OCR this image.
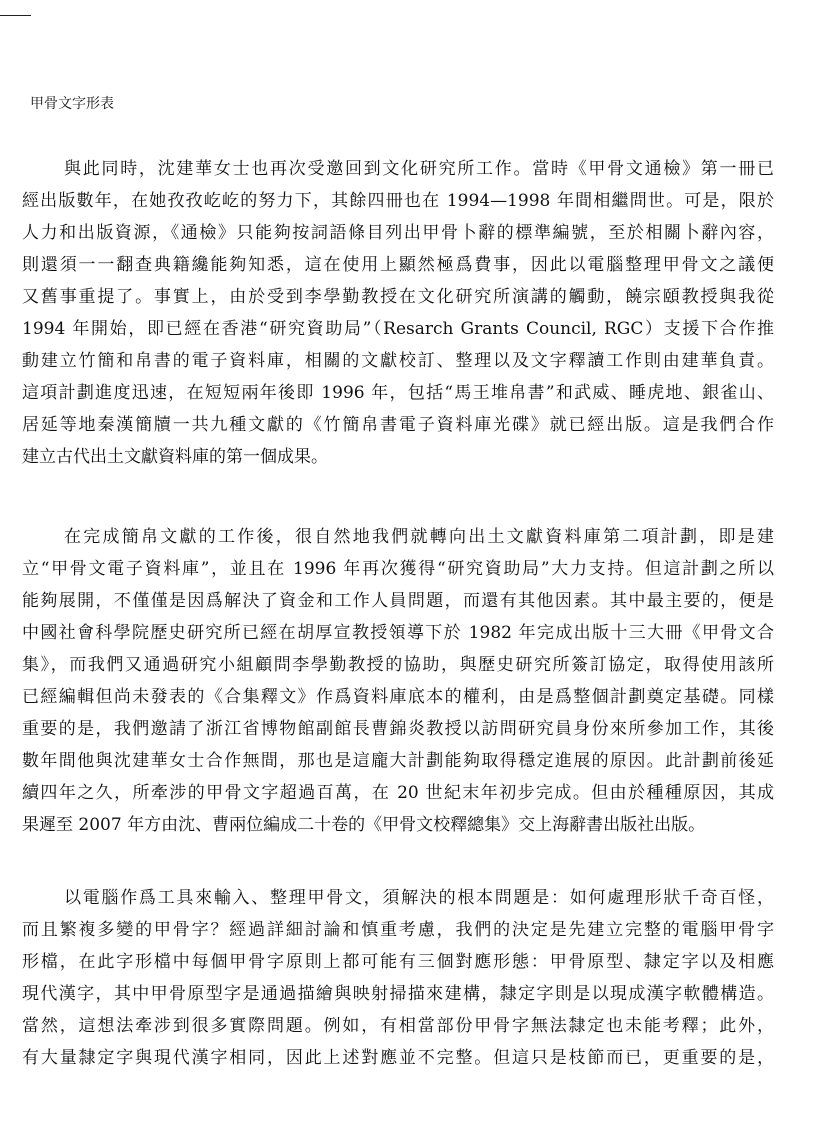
甲骨文字形表
與此同時，沈建華女士也再次受邀回到文化研究所工作。當時《甲骨文通檢》第一冊已
經出版數年，在她孜孜屹屹的努力下，其餘四冊也在 1994—1998 年間相繼問世。可是，限於
人力和出版資源，《通檢》只能夠按詞語條目列出甲骨卜辭的標準編號，至於相關卜辭內容，
則還須一一翻查典籍纔能夠知悉，這在使用上顯然極爲費事，因此以電腦整理甲骨文之議便
又舊事重提了。事實上，由於受到李學勤教授在文化研究所演講的觸動，饒宗頤教授與我從
1994 年開始，即已經在香港“研究資助局”（Resarch Grants Council, RGC）支援下合作推
動建立竹簡和帛書的電子資料庫，相關的文獻校訂、整理以及文字釋讀工作則由建華負責。
這項計劃進度迅速，在短短兩年後即 1996 年，包括“馬王堆帛書”和武威、睡虎地、銀雀山、
居延等地秦漢簡牘一共九種文獻的《竹簡帛書電子資料庫光碟》就已經出版。這是我們合作
建立古代出土文獻資料庫的第一個成果。
在完成簡帛文獻的工作後，很自然地我們就轉向出土文獻資料庫第二項計劃，即是建
立“甲骨文電子資料庫”，並且在 1996 年再次獲得“研究資助局”大力支持。但這計劃之所以
能夠展開，不僅僅是因爲解決了資金和工作人員問題，而還有其他因素。其中最主要的，便是
中國社會科學院歷史研究所已經在胡厚宣教授領導下於 1982 年完成出版十三大冊《甲骨文合
集》，而我們又通過研究小組顧問李學勤教授的協助，與歷史研究所簽訂協定，取得使用該所
已經編輯但尚未發表的《合集釋文》作爲資料庫底本的權利，由是爲整個計劃奠定基礎。同樣
重要的是，我們邀請了浙江省博物館副館長曹錦炎教授以訪問研究員身份來所參加工作，其後
數年間他與沈建華女士合作無間，那也是這龐大計劃能夠取得穩定進展的原因。此計劃前後延
續四年之久，所牽涉的甲骨文字超過百萬，在 20 世紀末年初步完成。但由於種種原因，其成
果遲至 2007 年方由沈、曹兩位編成二十卷的《甲骨文校釋總集》交上海辭書出版社出版。
以電腦作爲工具來輸入、整理甲骨文，須解決的根本問題是：如何處理形狀千奇百怪，
而且繁複多變的甲骨字？經過詳細討論和慎重考慮，我們的決定是先建立完整的電腦甲骨字
形檔，在此字形檔中每個甲骨字原則上都可能有三個對應形態：甲骨原型、隸定字以及相應
現代漢字，其中甲骨原型字是通過描繪與映射掃描來建構，隸定字則是以現成漢字軟體構造。
當然，這想法牽涉到很多實際問題。例如，有相當部份甲骨字無法隸定也未能考釋；此外，
有大量隸定字與現代漢字相同，因此上述對應並不完整。但這只是枝節而已，更重要的是，
